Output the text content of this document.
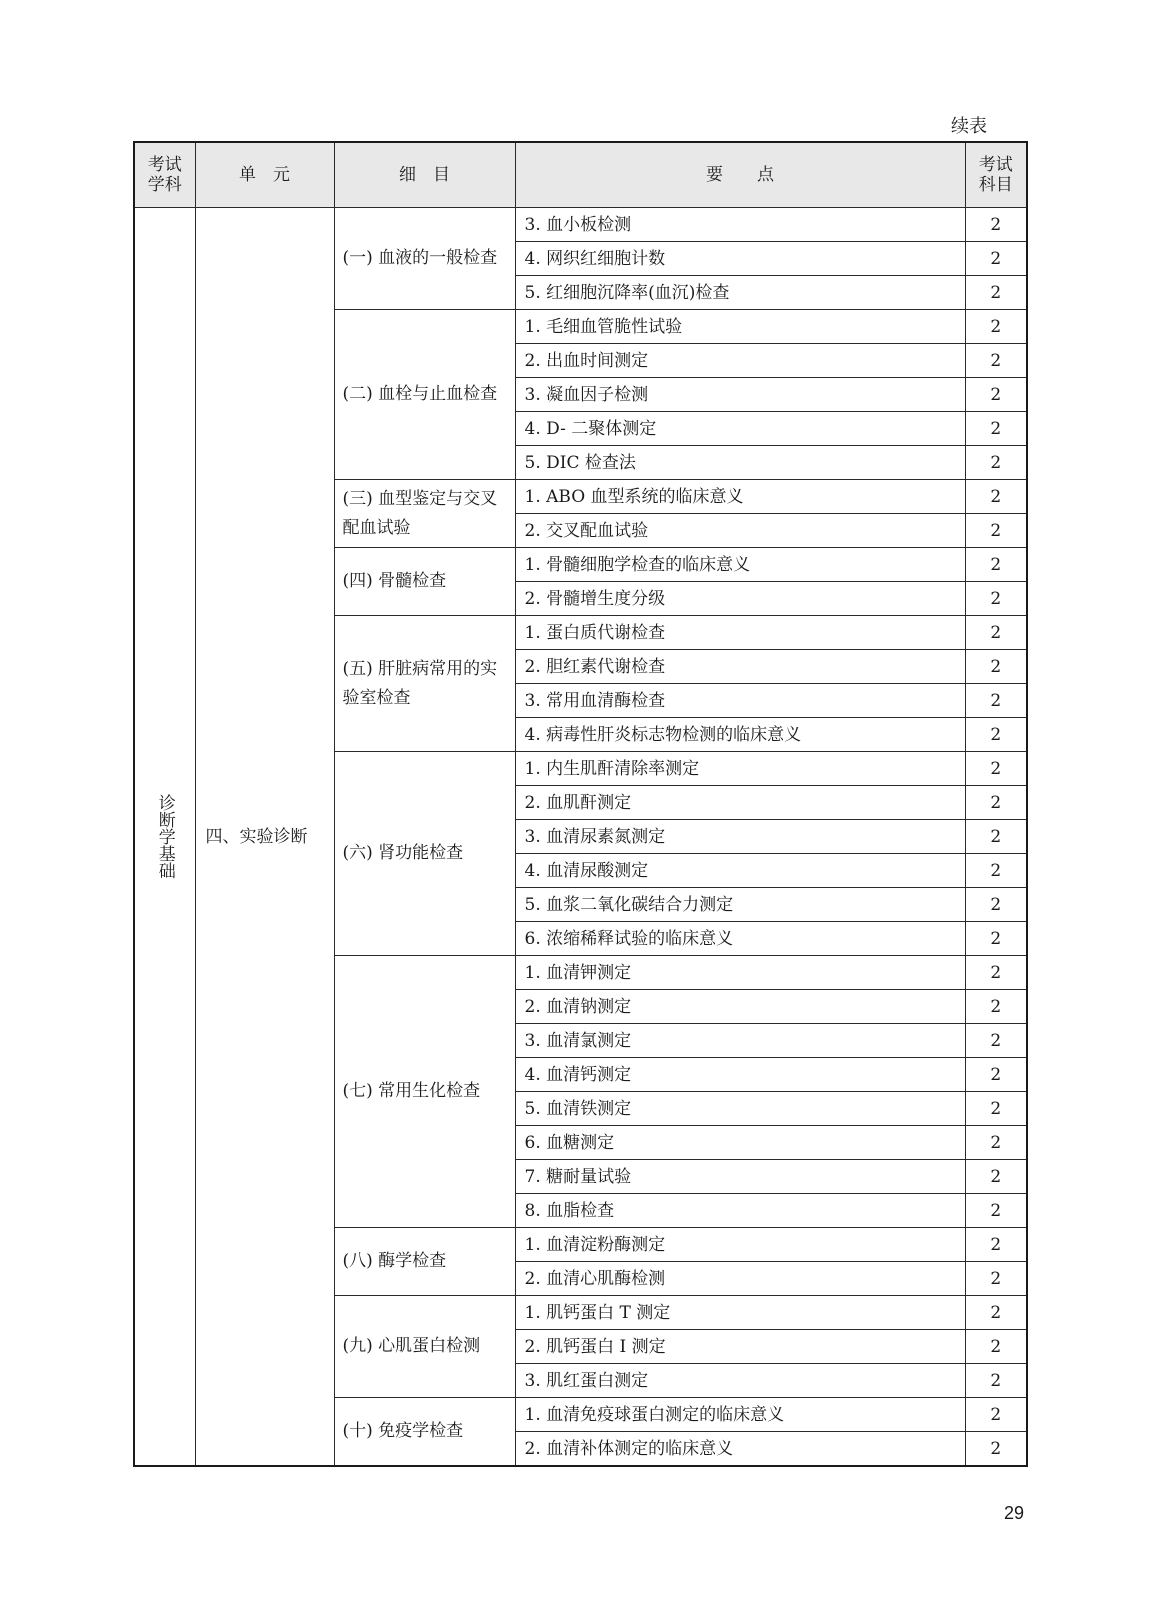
续表
考试学科	单　元	细　目	要　　点	考试科目

诊断学基础	四、实验诊断	(一) 血液的一般检查	3. 血小板检测	2
			4. 网织红细胞计数	2
			5. 红细胞沉降率(血沉)检查	2
		(二) 血栓与止血检查	1. 毛细血管脆性试验	2
			2. 出血时间测定	2
			3. 凝血因子检测	2
			4. D- 二聚体测定	2
			5. DIC 检查法	2
		(三) 血型鉴定与交叉配血试验	1. ABO 血型系统的临床意义	2
			2. 交叉配血试验	2
		(四) 骨髓检查	1. 骨髓细胞学检查的临床意义	2
			2. 骨髓增生度分级	2
		(五) 肝脏病常用的实验室检查	1. 蛋白质代谢检查	2
			2. 胆红素代谢检查	2
			3. 常用血清酶检查	2
			4. 病毒性肝炎标志物检测的临床意义	2
		(六) 肾功能检查	1. 内生肌酐清除率测定	2
			2. 血肌酐测定	2
			3. 血清尿素氮测定	2
			4. 血清尿酸测定	2
			5. 血浆二氧化碳结合力测定	2
			6. 浓缩稀释试验的临床意义	2
		(七) 常用生化检查	1. 血清钾测定	2
			2. 血清钠测定	2
			3. 血清氯测定	2
			4. 血清钙测定	2
			5. 血清铁测定	2
			6. 血糖测定	2
			7. 糖耐量试验	2
			8. 血脂检查	2
		(八) 酶学检查	1. 血清淀粉酶测定	2
			2. 血清心肌酶检测	2
		(九) 心肌蛋白检测	1. 肌钙蛋白 T 测定	2
			2. 肌钙蛋白 I 测定	2
			3. 肌红蛋白测定	2
		(十) 免疫学检查	1. 血清免疫球蛋白测定的临床意义	2
			2. 血清补体测定的临床意义	2
29
